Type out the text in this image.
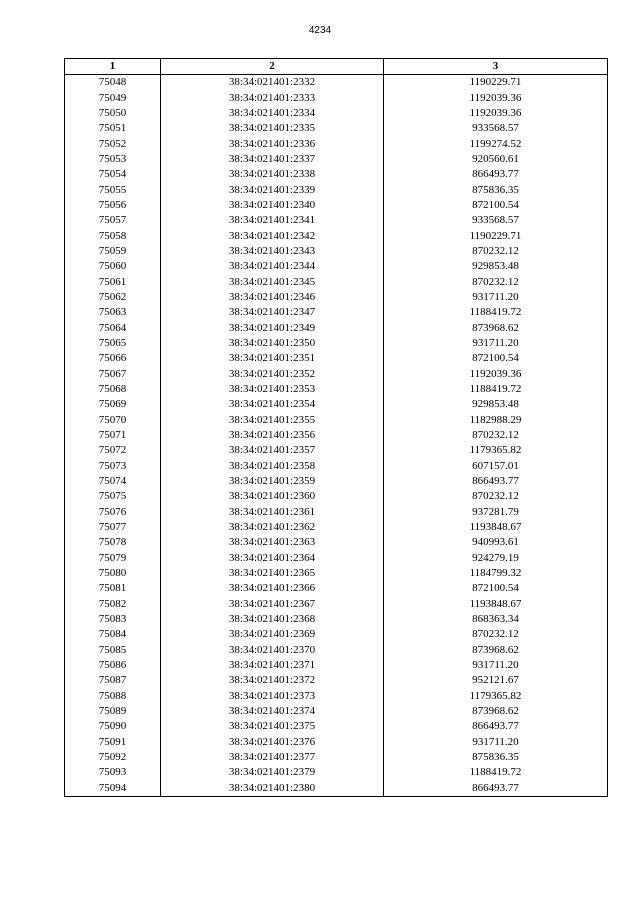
4234
1	2	3
75048	38:34:021401:2332	1190229.71
75049	38:34:021401:2333	1192039.36
75050	38:34:021401:2334	1192039.36
75051	38:34:021401:2335	933568.57
75052	38:34:021401:2336	1199274.52
75053	38:34:021401:2337	920560.61
75054	38:34:021401:2338	866493.77
75055	38:34:021401:2339	875836.35
75056	38:34:021401:2340	872100.54
75057	38:34:021401:2341	933568.57
75058	38:34:021401:2342	1190229.71
75059	38:34:021401:2343	870232.12
75060	38:34:021401:2344	929853.48
75061	38:34:021401:2345	870232.12
75062	38:34:021401:2346	931711.20
75063	38:34:021401:2347	1188419.72
75064	38:34:021401:2349	873968.62
75065	38:34:021401:2350	931711.20
75066	38:34:021401:2351	872100.54
75067	38:34:021401:2352	1192039.36
75068	38:34:021401:2353	1188419.72
75069	38:34:021401:2354	929853.48
75070	38:34:021401:2355	1182988.29
75071	38:34:021401:2356	870232.12
75072	38:34:021401:2357	1179365.82
75073	38:34:021401:2358	607157.01
75074	38:34:021401:2359	866493.77
75075	38:34:021401:2360	870232.12
75076	38:34:021401:2361	937281.79
75077	38:34:021401:2362	1193848.67
75078	38:34:021401:2363	940993.61
75079	38:34:021401:2364	924279.19
75080	38:34:021401:2365	1184799.32
75081	38:34:021401:2366	872100.54
75082	38:34:021401:2367	1193848.67
75083	38:34:021401:2368	868363.34
75084	38:34:021401:2369	870232.12
75085	38:34:021401:2370	873968.62
75086	38:34:021401:2371	931711.20
75087	38:34:021401:2372	952121.67
75088	38:34:021401:2373	1179365.82
75089	38:34:021401:2374	873968.62
75090	38:34:021401:2375	866493.77
75091	38:34:021401:2376	931711.20
75092	38:34:021401:2377	875836.35
75093	38:34:021401:2379	1188419.72
75094	38:34:021401:2380	866493.77
